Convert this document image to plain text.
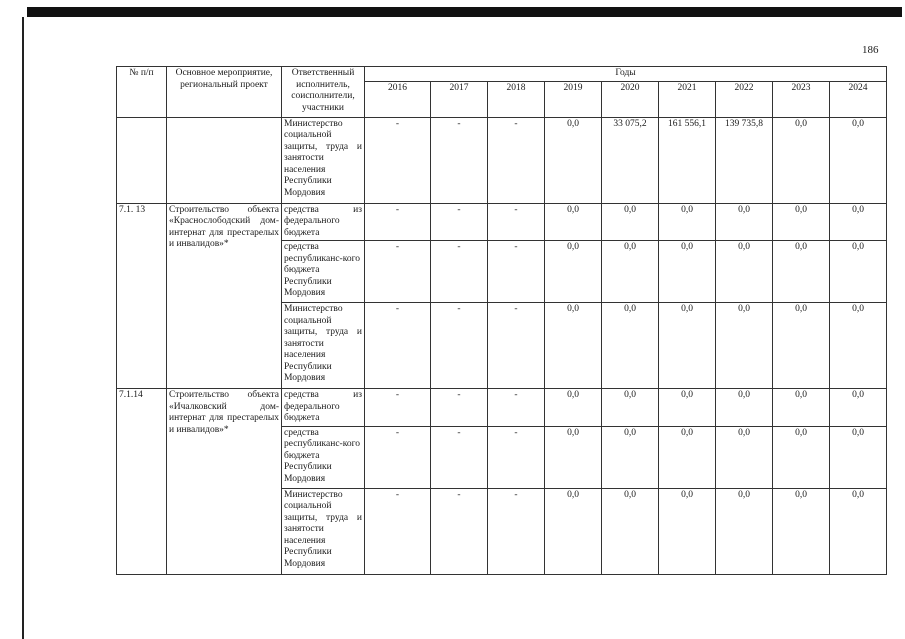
186
№ п/п	Основное мероприятие, региональный проект	Ответственный исполнитель, соисполнители, участники	Годы								
			2016	2017	2018	2019	2020	2021	2022	2023	2024
		Министерство социальной защиты, труда и занятости населения Республики Мордовия	-	-	-	0,0	33 075,2	161 556,1	139 735,8	0,0	0,0
7.1. 13	Строительство объекта «Краснослободский дом-интернат для престарелых и инвалидов»*	средства из федерального бюджета	-	-	-	0,0	0,0	0,0	0,0	0,0	0,0
		средства республиканс-кого бюджета Республики Мордовия	-	-	-	0,0	0,0	0,0	0,0	0,0	0,0
		Министерство социальной защиты, труда и занятости населения Республики Мордовия	-	-	-	0,0	0,0	0,0	0,0	0,0	0,0
7.1.14	Строительство объекта «Ичалковский дом-интернат для престарелых и инвалидов»*	средства из федерального бюджета	-	-	-	0,0	0,0	0,0	0,0	0,0	0,0
		средства республиканс-кого бюджета Республики Мордовия	-	-	-	0,0	0,0	0,0	0,0	0,0	0,0
		Министерство социальной защиты, труда и занятости населения Республики Мордовия	-	-	-	0,0	0,0	0,0	0,0	0,0	0,0
